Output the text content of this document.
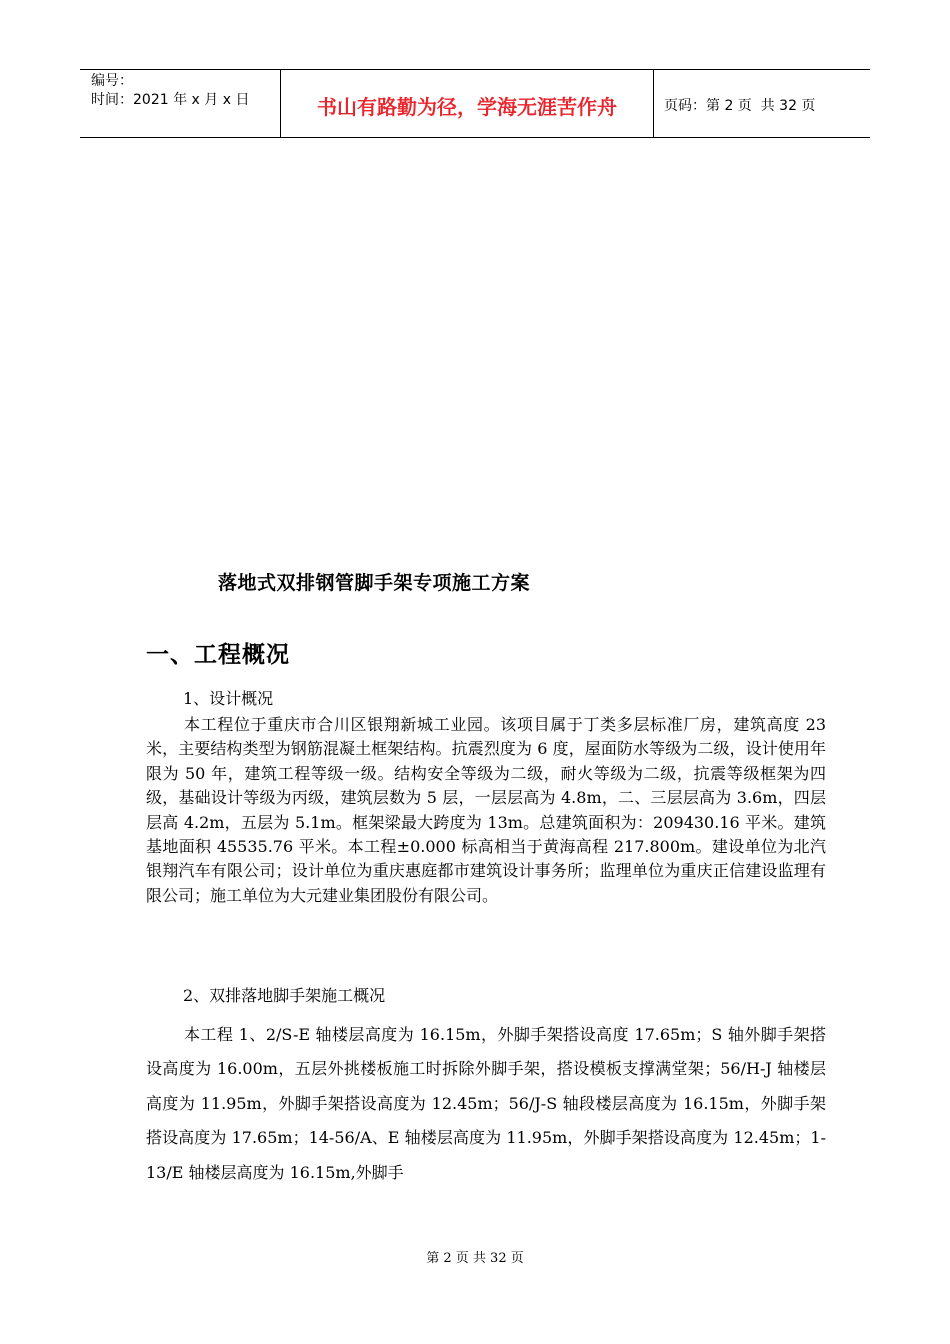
编号：
时间：2021 年 x 月 x 日	书山有路勤为径，学海无涯苦作舟	页码：第 2 页  共 32 页
落地式双排钢管脚手架专项施工方案
一、工程概况
1、设计概况

本工程位于重庆市合川区银翔新城工业园。该项目属于丁类多层标准厂房，建筑高度 23 米，主要结构类型为钢筋混凝土框架结构。抗震烈度为 6 度，屋面防水等级为二级，设计使用年限为 50 年，建筑工程等级一级。结构安全等级为二级，耐火等级为二级，抗震等级框架为四级，基础设计等级为丙级，建筑层数为 5 层，一层层高为 4.8m，二、三层层高为 3.6m，四层层高 4.2m，五层为 5.1m。框架梁最大跨度为 13m。总建筑面积为：209430.16 平米。建筑基地面积 45535.76 平米。本工程±0.000 标高相当于黄海高程 217.800m。建设单位为北汽银翔汽车有限公司；设计单位为重庆惠庭都市建筑设计事务所；监理单位为重庆正信建设监理有限公司；施工单位为大元建业集团股份有限公司。

2、双排落地脚手架施工概况

本工程 1、2/S-E 轴楼层高度为 16.15m，外脚手架搭设高度 17.65m；S 轴外脚手架搭设高度为 16.00m，五层外挑楼板施工时拆除外脚手架，搭设模板支撑满堂架；56/H-J 轴楼层高度为 11.95m，外脚手架搭设高度为 12.45m；56/J-S 轴段楼层高度为 16.15m，外脚手架搭设高度为 17.65m；14-56/A、E 轴楼层高度为 11.95m，外脚手架搭设高度为 12.45m；1-13/E 轴楼层高度为 16.15m,外脚手

第 2 页 共 32 页
